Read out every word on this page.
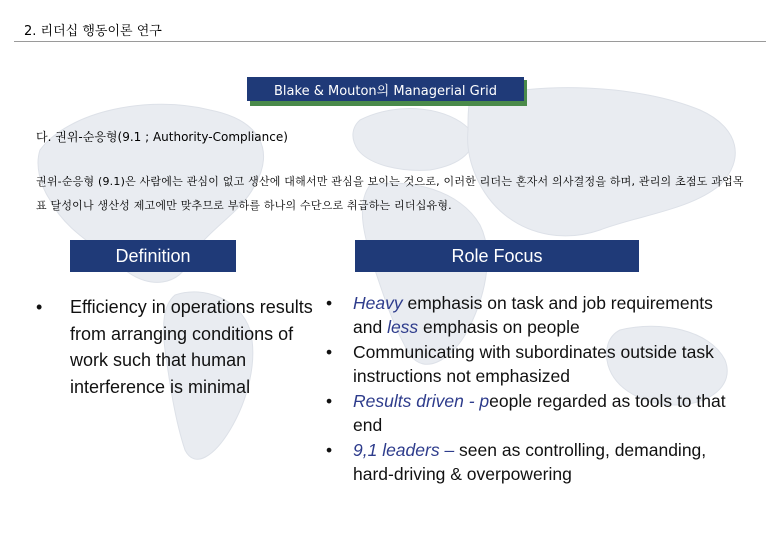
2. 리더십 행동이론 연구
Blake & Mouton의 Managerial Grid
다. 권위-순응형(9.1 ; Authority-Compliance)
권위-순응형 (9.1)은 사람에는 관심이 없고 생산에 대해서만 관심을 보이는 것으로, 이러한 리더는 혼자서 의사결정을 하며, 관리의 초점도 과업목표 달성이나 생산성 제고에만 맞추므로 부하를 하나의 수단으로 취급하는 리더십유형.
Definition	Role Focus
• Efficiency in operations results from arranging conditions of work such that human interference is minimal
• Heavy emphasis on task and job requirements and less emphasis on people
• Communicating with subordinates outside task instructions not emphasized
• Results driven - people regarded as tools to that end
• 9,1 leaders – seen as controlling, demanding, hard-driving & overpowering
